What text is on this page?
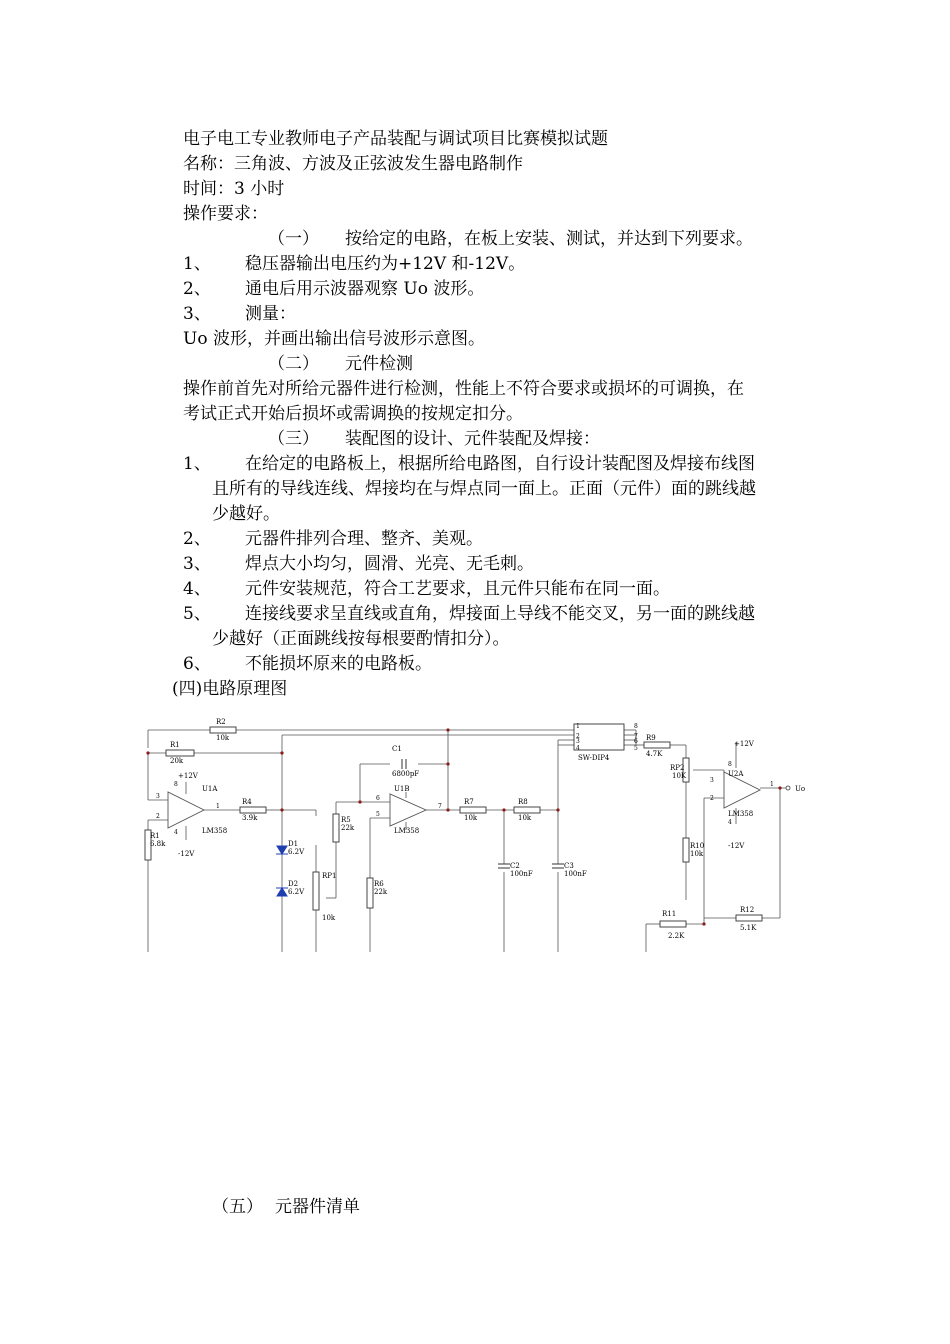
电子电工专业教师电子产品装配与调试项目比赛模拟试题
名称：三角波、方波及正弦波发生器电路制作
时间：3 小时
操作要求：
（一） 按给定的电路，在板上安装、测试，并达到下列要求。
1、 稳压器输出电压约为+12V 和-12V。
2、 通电后用示波器观察 Uo 波形。
3、 测量：
Uo 波形，并画出输出信号波形示意图。
（二） 元件检测
操作前首先对所给元器件进行检测，性能上不符合要求或损坏的可调换，在
考试正式开始后损坏或需调换的按规定扣分。
（三） 装配图的设计、元件装配及焊接：
1、 在给定的电路板上，根据所给电路图，自行设计装配图及焊接布线图
且所有的导线连线、焊接均在与焊点同一面上。正面（元件）面的跳线越
少越好。
2、 元器件排列合理、整齐、美观。
3、 焊点大小均匀，圆滑、光亮、无毛刺。
4、 元件安装规范，符合工艺要求，且元件只能布在同一面。
5、 连接线要求呈直线或直角，焊接面上导线不能交叉，另一面的跳线越
少越好（正面跳线按每根要酌情扣分）。
6、 不能损坏原来的电路板。
(四)电路原理图
R2
10k
R1
20k
R1
6.8k
C1
6800pF
U1A
LM358
U1B
LM358
U2A
LM358
+12V
-12V
+12V
-12V
R4
3.9k
D1
6.2V
D2
6.2V
RP1
10k
R5
22k
R6
22k
R7
10k
R8
10k
C2
100nF
C3
100nF
SW-DIP4
R9
4.7K
RP2
10K
R10
10k
R11
2.2K
R12
5.1K
Uo
3
2
8
4
1
6
5
7
1
2
3
4
8
7
6
5
3
2
8
4
1
（五） 元器件清单
